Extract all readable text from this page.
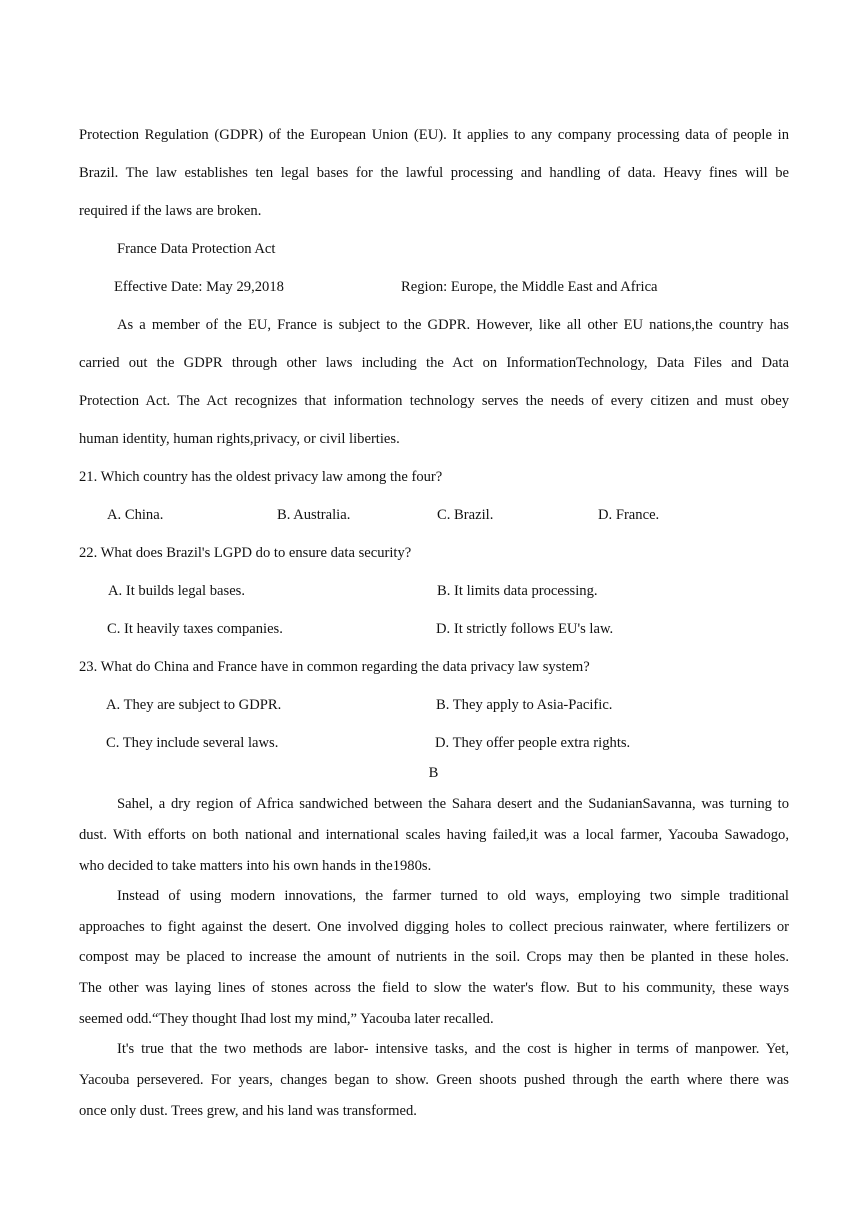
Protection Regulation (GDPR) of the European Union (EU). It applies to any company processing data of people in
Brazil. The law establishes ten legal bases for the lawful processing and handling of data. Heavy fines will be
required if the laws are broken.
France Data Protection Act
Effective Date: May 29,2018	Region: Europe, the Middle East and Africa
As a member of the EU, France is subject to the GDPR. However, like all other EU nations,the country has
carried out the GDPR through other laws including the Act on InformationTechnology, Data Files and Data
Protection Act. The Act recognizes that information technology serves the needs of every citizen and must obey
human identity, human rights,privacy, or civil liberties.
21. Which country has the oldest privacy law among the four?
A. China.	B. Australia.	C. Brazil.	D. France.
22. What does Brazil's LGPD do to ensure data security?
A. It builds legal bases.	B. It limits data processing.
C. It heavily taxes companies.	D. It strictly follows EU's law.
23. What do China and France have in common regarding the data privacy law system?
A. They are subject to GDPR.	B. They apply to Asia-Pacific.
C. They include several laws.	D. They offer people extra rights.
B
Sahel, a dry region of Africa sandwiched between the Sahara desert and the SudanianSavanna, was turning to
dust. With efforts on both national and international scales having failed,it was a local farmer, Yacouba Sawadogo,
who decided to take matters into his own hands in the1980s.
Instead of using modern innovations, the farmer turned to old ways, employing two simple traditional
approaches to fight against the desert. One involved digging holes to collect precious rainwater, where fertilizers or
compost may be placed to increase the amount of nutrients in the soil. Crops may then be planted in these holes.
The other was laying lines of stones across the field to slow the water's flow. But to his community, these ways
seemed odd.“They thought Ihad lost my mind,” Yacouba later recalled.
It's true that the two methods are labor- intensive tasks, and the cost is higher in terms of manpower. Yet,
Yacouba persevered. For years, changes began to show. Green shoots pushed through the earth where there was
once only dust. Trees grew, and his land was transformed.
